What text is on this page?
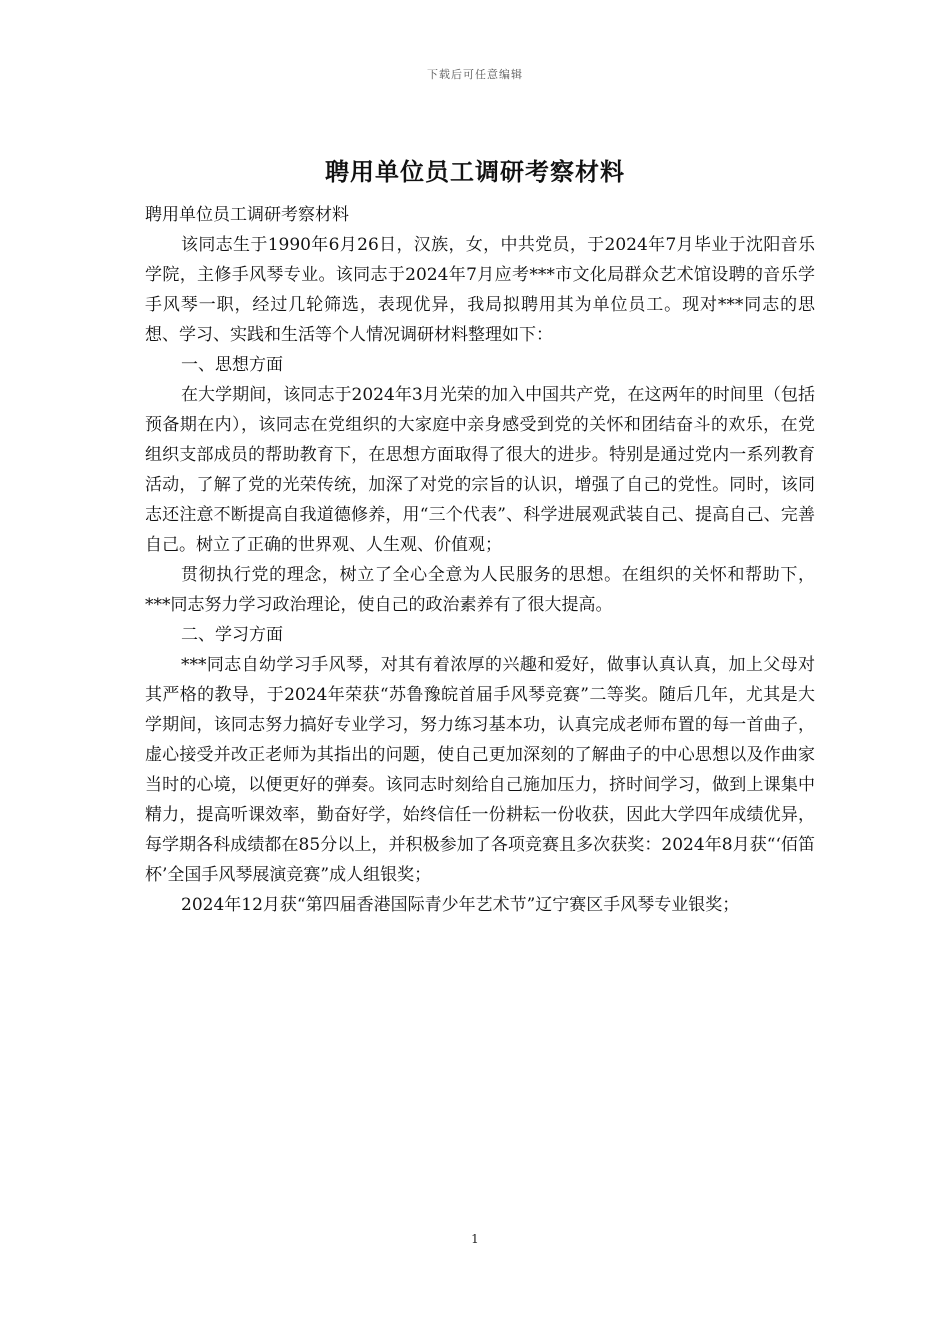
下载后可任意编辑
聘用单位员工调研考察材料

聘用单位员工调研考察材料

该同志生于1990年6月26日，汉族，女，中共党员，于2024年7月毕业于沈阳音乐学院，主修手风琴专业。该同志于2024年7月应考***市文化局群众艺术馆设聘的音乐学手风琴一职，经过几轮筛选，表现优异，我局拟聘用其为单位员工。现对***同志的思想、学习、实践和生活等个人情况调研材料整理如下：

一、思想方面

在大学期间，该同志于2024年3月光荣的加入中国共产党，在这两年的时间里（包括预备期在内），该同志在党组织的大家庭中亲身感受到党的关怀和团结奋斗的欢乐，在党组织支部成员的帮助教育下，在思想方面取得了很大的进步。特别是通过党内一系列教育活动，了解了党的光荣传统，加深了对党的宗旨的认识，增强了自己的党性。同时，该同志还注意不断提高自我道德修养，用“三个代表”、科学进展观武装自己、提高自己、完善自己。树立了正确的世界观、人生观、价值观；

贯彻执行党的理念，树立了全心全意为人民服务的思想。在组织的关怀和帮助下，***同志努力学习政治理论，使自己的政治素养有了很大提高。

二、学习方面

***同志自幼学习手风琴，对其有着浓厚的兴趣和爱好，做事认真认真，加上父母对其严格的教导，于2024年荣获“苏鲁豫皖首届手风琴竞赛”二等奖。随后几年，尤其是大学期间，该同志努力搞好专业学习，努力练习基本功，认真完成老师布置的每一首曲子，虚心接受并改正老师为其指出的问题，使自己更加深刻的了解曲子的中心思想以及作曲家当时的心境，以便更好的弹奏。该同志时刻给自己施加压力，挤时间学习，做到上课集中精力，提高听课效率，勤奋好学，始终信任一份耕耘一份收获，因此大学四年成绩优异，每学期各科成绩都在85分以上，并积极参加了各项竞赛且多次获奖：2024年8月获“‘佰笛杯’全国手风琴展演竞赛”成人组银奖；

2024年12月获“第四届香港国际青少年艺术节”辽宁赛区手风琴专业银奖；

1
